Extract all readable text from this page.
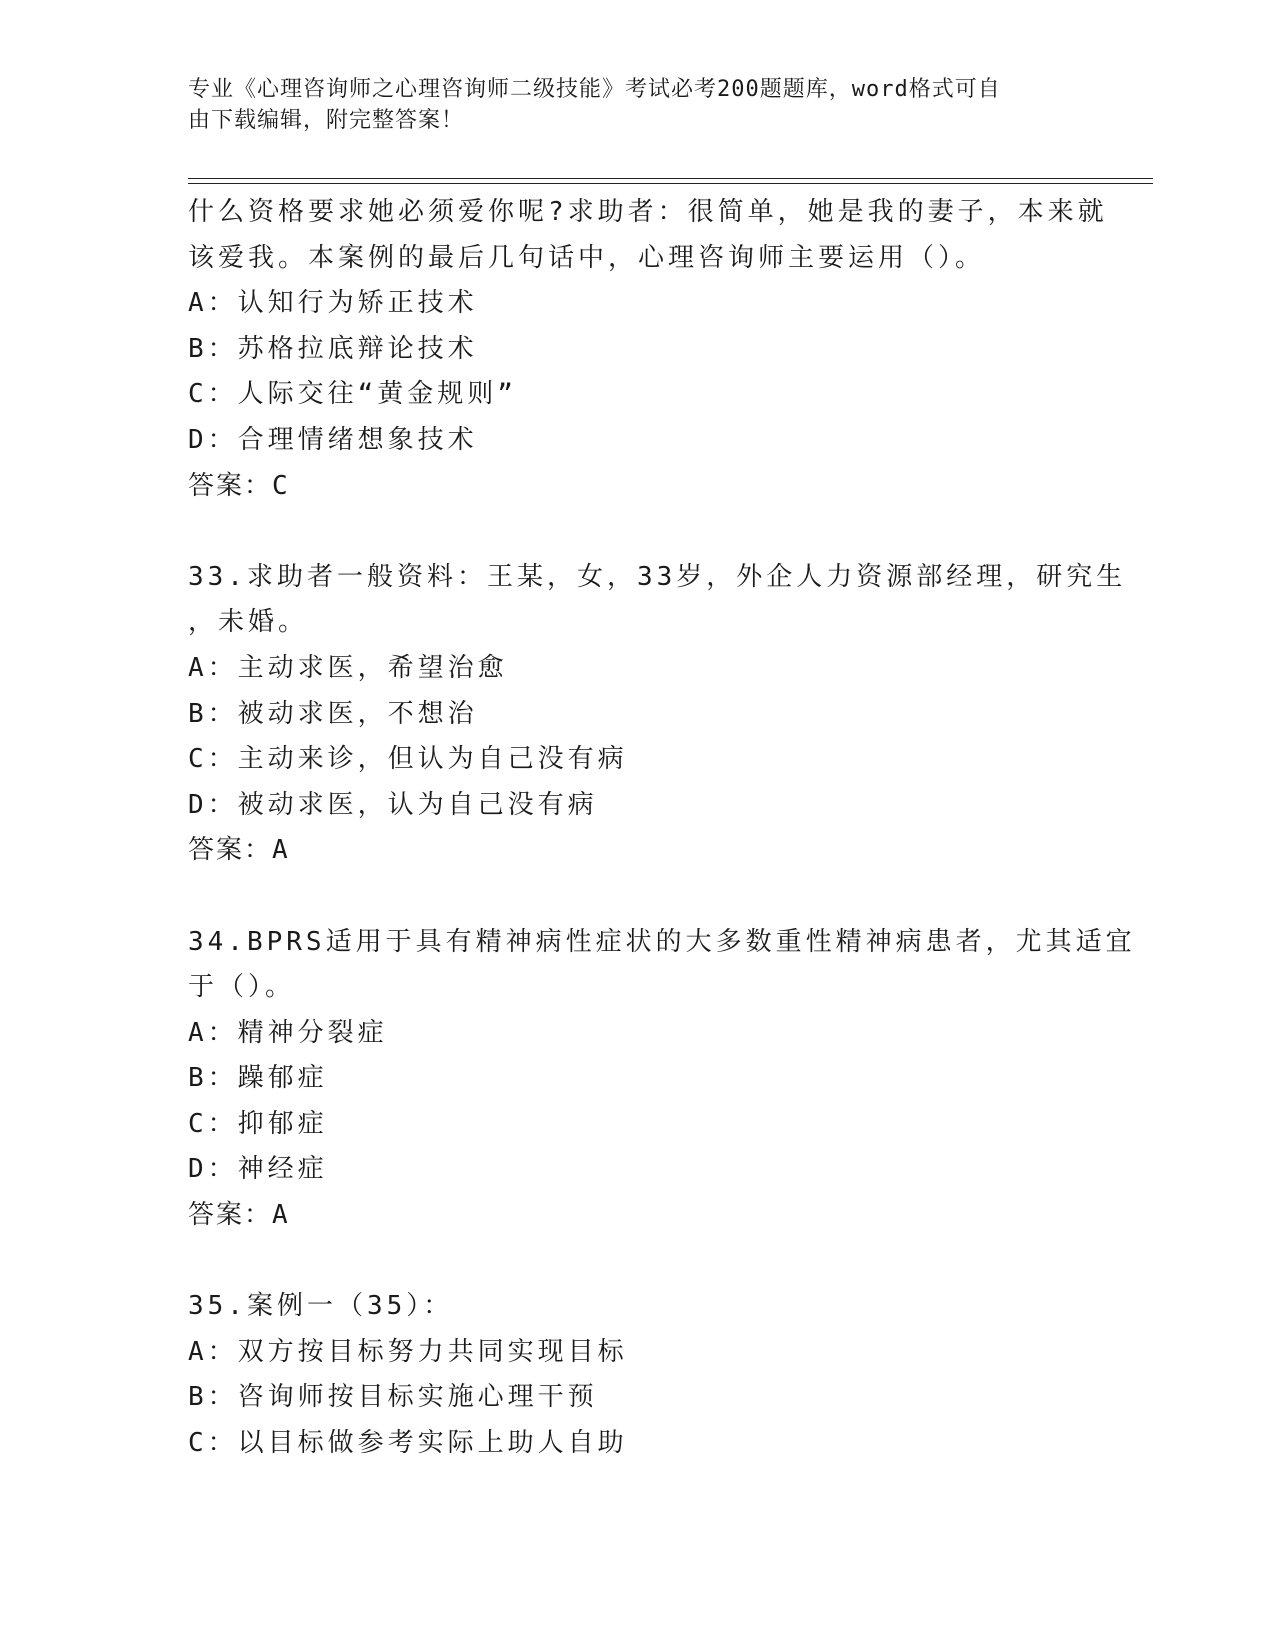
专业《心理咨询师之心理咨询师二级技能》考试必考200题题库，word格式可自
由下载编辑，附完整答案！
什么资格要求她必须爱你呢?求助者：很简单，她是我的妻子，本来就
该爱我。本案例的最后几句话中，心理咨询师主要运用（）。
A：认知行为矫正技术
B：苏格拉底辩论技术
C：人际交往“黄金规则”
D：合理情绪想象技术
答案：C
33.求助者一般资料：王某，女，33岁，外企人力资源部经理，研究生
，未婚。
A：主动求医，希望治愈
B：被动求医，不想治
C：主动来诊，但认为自己没有病
D：被动求医，认为自己没有病
答案：A
34.BPRS适用于具有精神病性症状的大多数重性精神病患者，尤其适宜
于（）。
A：精神分裂症
B：躁郁症
C：抑郁症
D：神经症
答案：A
35.案例一（35）：
A：双方按目标努力共同实现目标
B：咨询师按目标实施心理干预
C：以目标做参考实际上助人自助
